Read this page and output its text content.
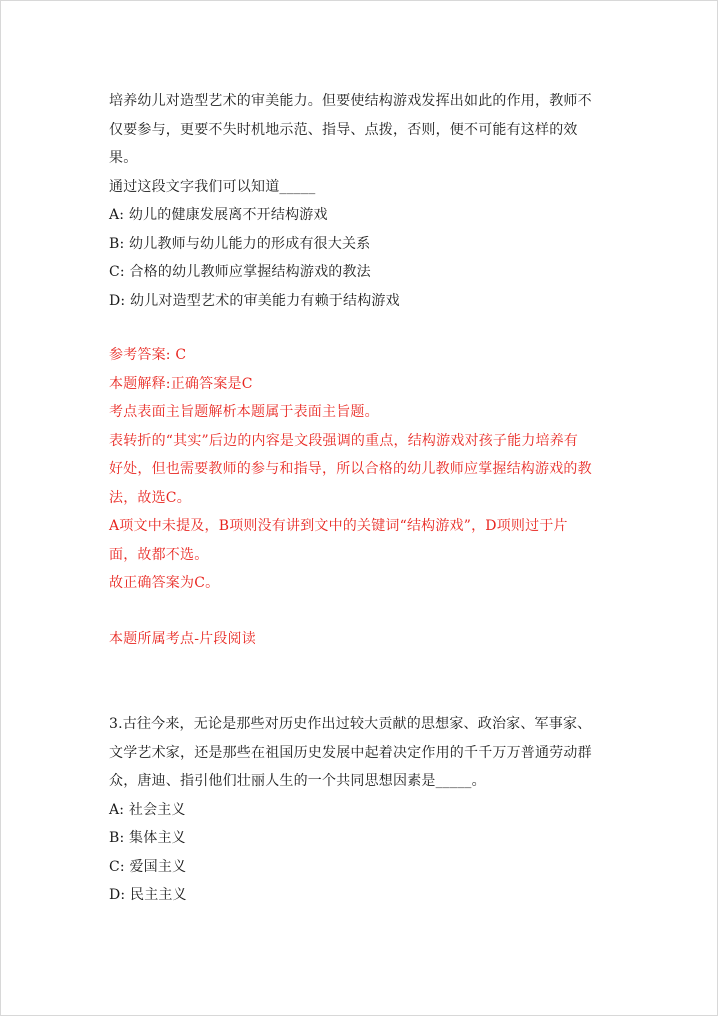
培养幼儿对造型艺术的审美能力。但要使结构游戏发挥出如此的作用，教师不
仅要参与，更要不失时机地示范、指导、点拨，否则，便不可能有这样的效
果。
通过这段文字我们可以知道_____
A: 幼儿的健康发展离不开结构游戏
B: 幼儿教师与幼儿能力的形成有很大关系
C: 合格的幼儿教师应掌握结构游戏的教法
D: 幼儿对造型艺术的审美能力有赖于结构游戏
参考答案: C
本题解释:正确答案是C
考点表面主旨题解析本题属于表面主旨题。
表转折的“其实”后边的内容是文段强调的重点，结构游戏对孩子能力培养有
好处，但也需要教师的参与和指导，所以合格的幼儿教师应掌握结构游戏的教
法，故选C。
A项文中未提及，B项则没有讲到文中的关键词“结构游戏”，D项则过于片
面，故都不选。
故正确答案为C。
本题所属考点-片段阅读
3.古往今来，无论是那些对历史作出过较大贡献的思想家、政治家、军事家、
文学艺术家，还是那些在祖国历史发展中起着决定作用的千千万万普通劳动群
众，唐迪、指引他们壮丽人生的一个共同思想因素是_____。
A: 社会主义
B: 集体主义
C: 爱国主义
D: 民主主义
